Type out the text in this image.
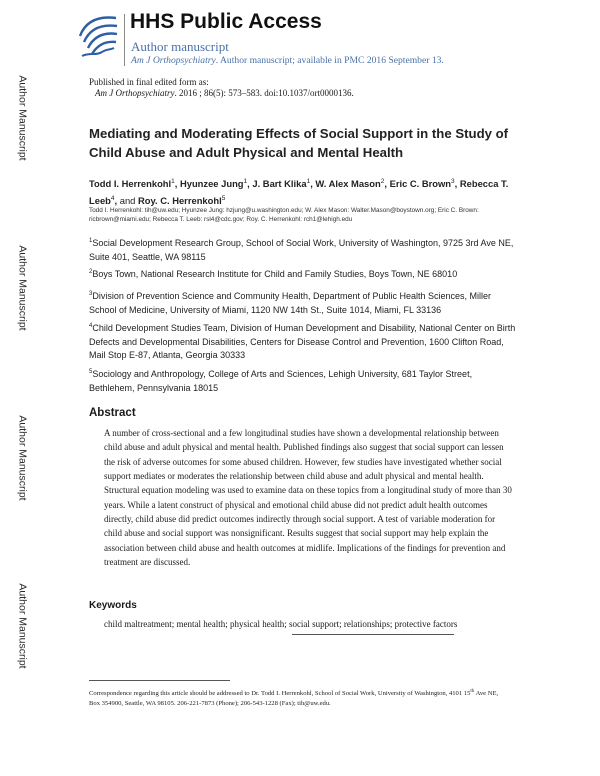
Author Manuscript
Author Manuscript
Author Manuscript
Author Manuscript
HHS Public Access
Author manuscript
Am J Orthopsychiatry. Author manuscript; available in PMC 2016 September 13.
Published in final edited form as:
Am J Orthopsychiatry. 2016 ; 86(5): 573–583. doi:10.1037/ort0000136.
Mediating and Moderating Effects of Social Support in the Study of Child Abuse and Adult Physical and Mental Health
Todd I. Herrenkohl$^1$, Hyunzee Jung$^1$, J. Bart Klika$^1$, W. Alex Mason$^2$, Eric C. Brown$^3$, Rebecca T. Leeb$^4$, and Roy. C. Herrenkohl$^5$
Todd I. Herrenkohl: tih@uw.edu; Hyunzee Jung: hzjung@u.washington.edu; W. Alex Mason: Walter.Mason@boystown.org; Eric C. Brown: ricbrown@miami.edu; Rebecca T. Leeb: rsl4@cdc.gov; Roy. C. Herrenkohl: rch1@lehigh.edu
$^1$Social Development Research Group, School of Social Work, University of Washington, 9725 3rd Ave NE, Suite 401, Seattle, WA 98115
$^2$Boys Town, National Research Institute for Child and Family Studies, Boys Town, NE 68010
$^3$Division of Prevention Science and Community Health, Department of Public Health Sciences, Miller School of Medicine, University of Miami, 1120 NW 14th St., Suite 1014, Miami, FL 33136
$^4$Child Development Studies Team, Division of Human Development and Disability, National Center on Birth Defects and Developmental Disabilities, Centers for Disease Control and Prevention, 1600 Clifton Road, Mail Stop E-87, Atlanta, Georgia 30333
$^5$Sociology and Anthropology, College of Arts and Sciences, Lehigh University, 681 Taylor Street, Bethlehem, Pennsylvania 18015
Abstract
A number of cross-sectional and a few longitudinal studies have shown a developmental relationship between child abuse and adult physical and mental health. Published findings also suggest that social support can lessen the risk of adverse outcomes for some abused children. However, few studies have investigated whether social support mediates or moderates the relationship between child abuse and adult physical and mental health. Structural equation modeling was used to examine data on these topics from a longitudinal study of more than 30 years. While a latent construct of physical and emotional child abuse did not predict adult health outcomes directly, child abuse did predict outcomes indirectly through social support. A test of variable moderation for child abuse and social support was nonsignificant. Results suggest that social support may help explain the association between child abuse and health outcomes at midlife. Implications of the findings for prevention and treatment are discussed.
Keywords
child maltreatment; mental health; physical health; social support; relationships; protective factors
Correspondence regarding this article should be addressed to Dr. Todd I. Herrenkohl, School of Social Work, University of Washington, 4101 15th Ave NE, Box 354900, Seattle, WA 98105. 206-221-7873 (Phone); 206-543-1228 (Fax); tih@uw.edu.
